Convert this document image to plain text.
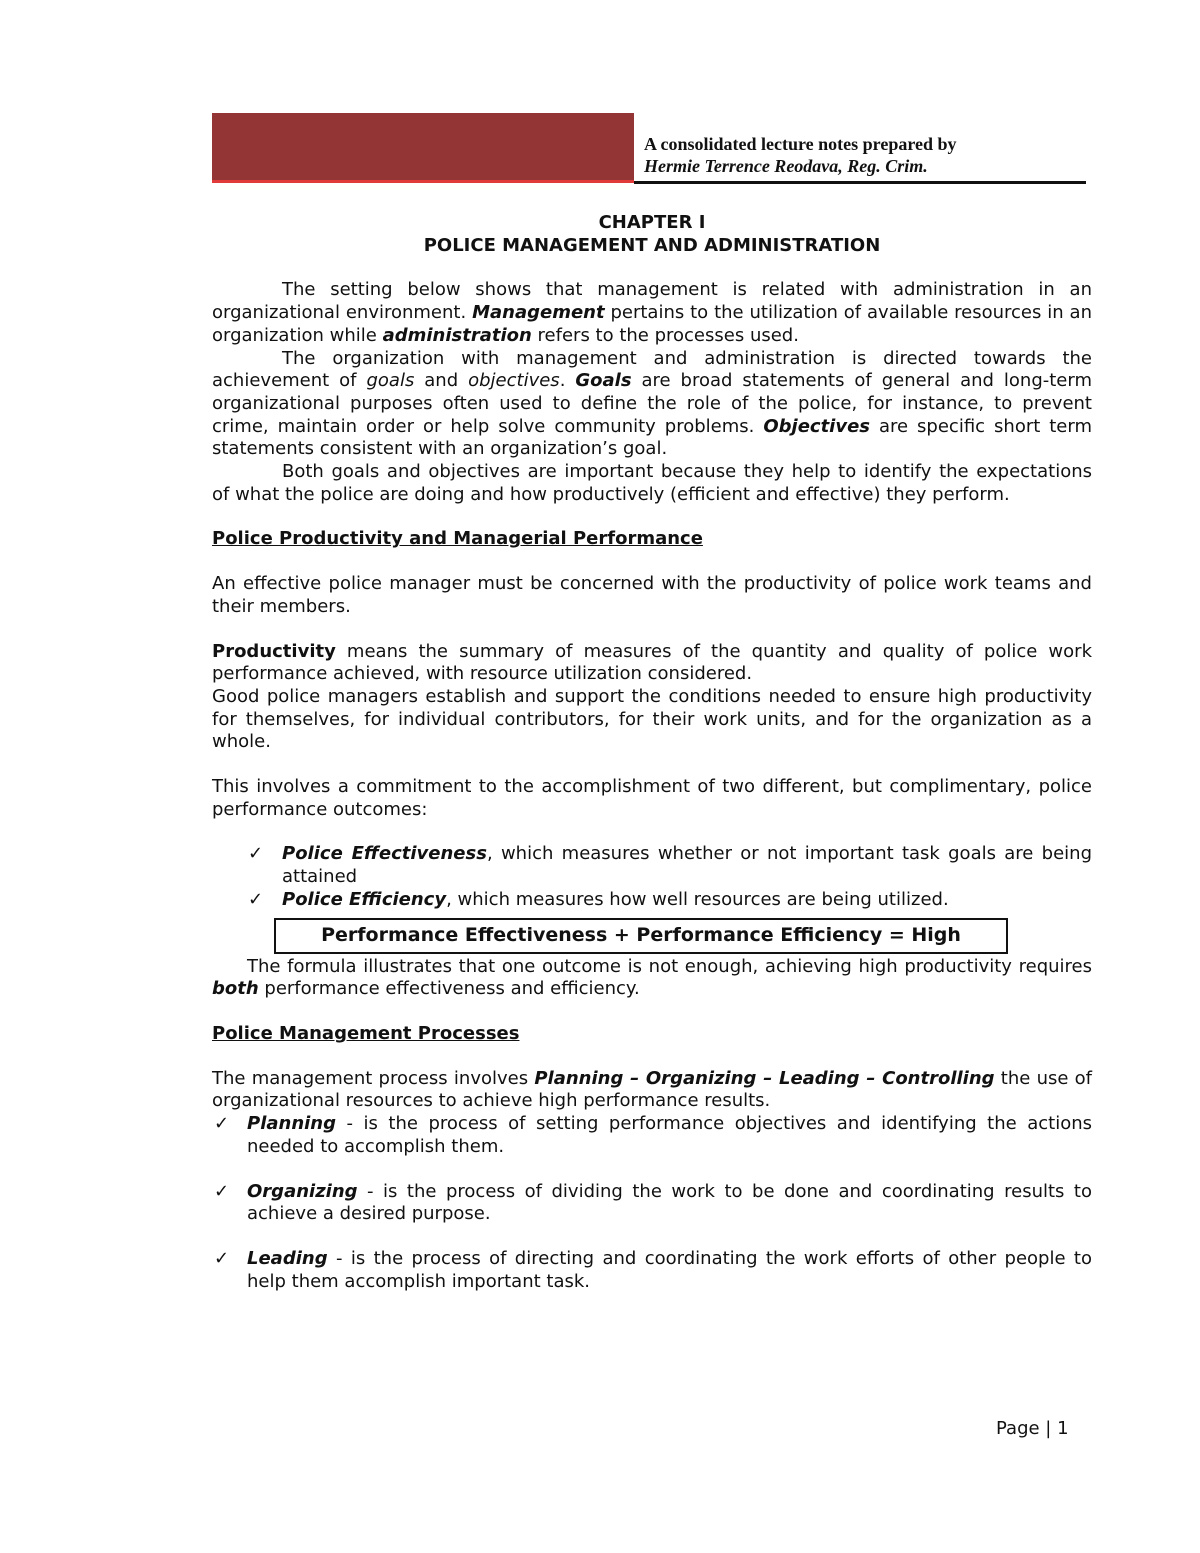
A consolidated lecture notes prepared by
Hermie Terrence Reodava, Reg. Crim.

CHAPTER I

POLICE MANAGEMENT AND ADMINISTRATION

The setting below shows that management is related with administration in an organizational environment. Management pertains to the utilization of available resources in an organization while administration refers to the processes used.

The organization with management and administration is directed towards the achievement of goals and objectives. Goals are broad statements of general and long-term organizational purposes often used to define the role of the police, for instance, to prevent crime, maintain order or help solve community problems. Objectives are specific short term statements consistent with an organization’s goal.

Both goals and objectives are important because they help to identify the expectations of what the police are doing and how productively (efficient and effective) they perform.

Police Productivity and Managerial Performance

An effective police manager must be concerned with the productivity of police work teams and their members.

Productivity means the summary of measures of the quantity and quality of police work performance achieved, with resource utilization considered.

Good police managers establish and support the conditions needed to ensure high productivity for themselves, for individual contributors, for their work units, and for the organization as a whole.

This involves a commitment to the accomplishment of two different, but complimentary, police performance outcomes:

✓ Police Effectiveness, which measures whether or not important task goals are being attained
✓ Police Efficiency, which measures how well resources are being utilized.
Performance Effectiveness + Performance Efficiency = High

The formula illustrates that one outcome is not enough, achieving high productivity requires both performance effectiveness and efficiency.

Police Management Processes

The management process involves Planning – Organizing – Leading – Controlling the use of organizational resources to achieve high performance results.

✓ Planning - is the process of setting performance objectives and identifying the actions needed to accomplish them.
✓ Organizing - is the process of dividing the work to be done and coordinating results to achieve a desired purpose.
✓ Leading - is the process of directing and coordinating the work efforts of other people to help them accomplish important task.
Page | 1
